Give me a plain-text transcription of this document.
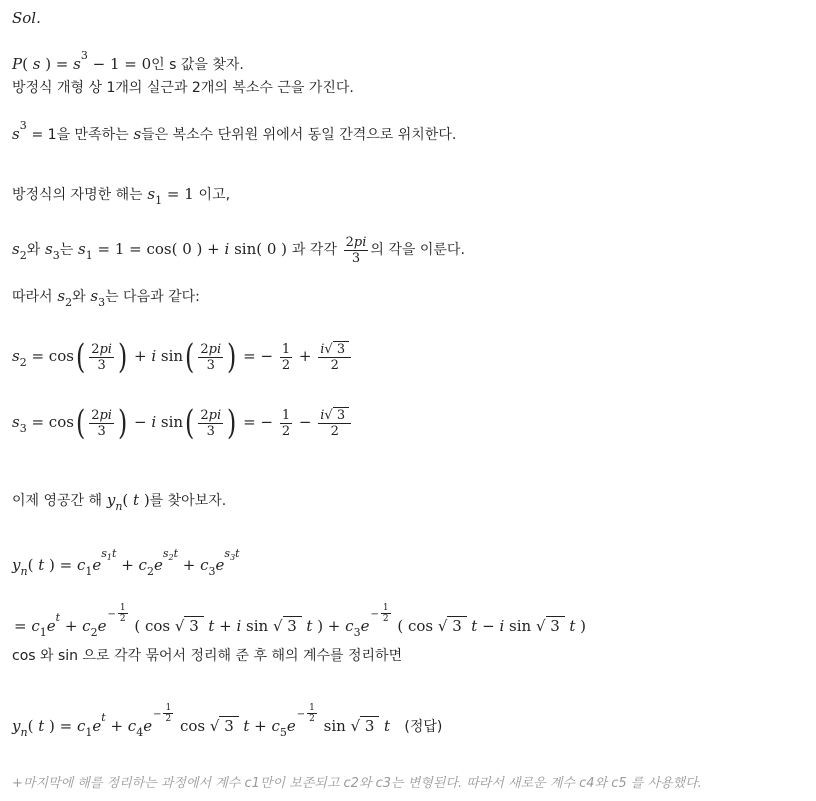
Sol.
P( s ) = $s^3 - 1 = 0$인 s 값을 찾자.
방정식 개형 상 1개의 실근과 2개의 복소수 근을 가진다.
$s^3 = 1$을 만족하는 s들은 복소수 단위원 위에서 동일 간격으로 위치한다.
방정식의 자명한 해는 $s_1 = 1$ 이고,
$s_2$와 $s_3$는 $s_1 = 1 = \cos$( 0 ) + i sin( 0 ) 과 각각 $\frac{2pi}{3}$ 의 각을 이룬다.
따라서 $s_2$와 $s_3$는 다음과 같다:
$s_2 = \cos( \frac{2pi}{3}$ ) + i $\sin( \frac{2pi}{3}$ ) = − $\frac{1}{2} + \frac{i√ 3}{2}$
$s_3 = \cos( \frac{2pi}{3}$ ) − i $\sin( \frac{2pi}{3}$ ) = − $\frac{1}{2} - \frac{i√ 3}{2}$
이제 영공간 해 $y_n$( t )를 찾아보자.
$y_n$( t ) = $c_1e^{s_1t} + c_2e^{s_2t} + c_3e^{s_3t}$
= $c_1e^t + c_2e- \frac{1}{2}$
( cos √ 3  t + i sin √ 3  t ) + $c_3e- \frac{1}{2}$
( cos √ 3  t − i sin √ 3  t )
cos 와 sin 으로 각각 묶어서 정리해 준 후 해의 계수를 정리하면
$y_n$( t ) = $c_1e^t + c_4e- \frac{1}{2}$
cos √ 3  $t + c_5e- \frac{1}{2}$
sin √ 3  t (정답)
+마지막에 해를 정리하는 과정에서 계수 c1만이 보존되고 c2와 c3는 변형된다. 따라서 새로운 계수 c4와 c5 를 사용했다.
